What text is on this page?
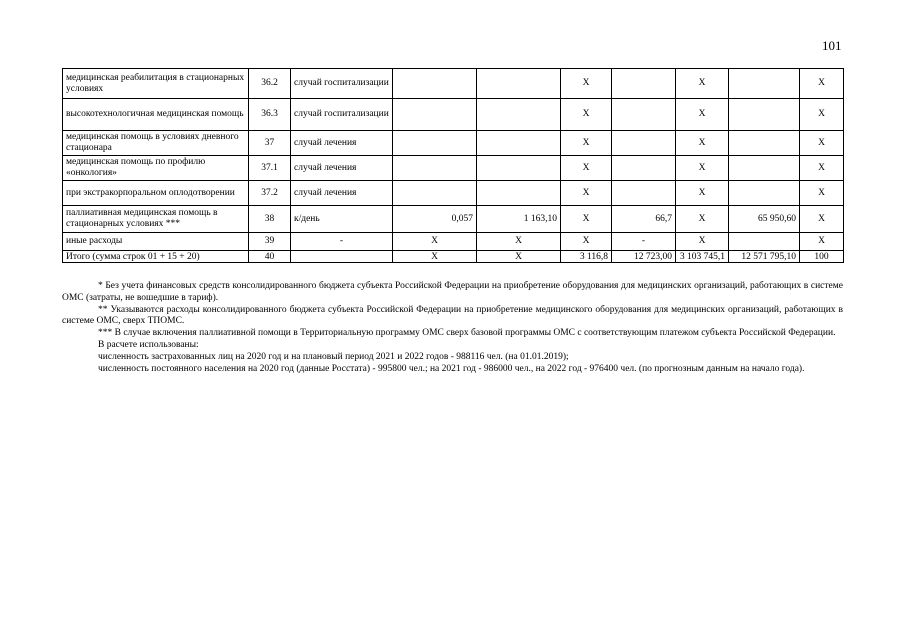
101
медицинская реабилитация в стационарных условиях	36.2	случай госпитализации			X		X		X
высокотехнологичная медицинская помощь	36.3	случай госпитализации			X		X		X
медицинская помощь в условиях дневного стационара	37	случай лечения			X		X		X
медицинская помощь по профилю «онкология»	37.1	случай лечения			X		X		X
при экстракорпоральном оплодотворении	37.2	случай лечения			X		X		X
паллиативная медицинская помощь в стационарных условиях ***	38	к/день	0,057	1 163,10	X	66,7	X	65 950,60	X
иные расходы	39	-	X	X	X	-	X		X
Итого (сумма строк 01 + 15 + 20)	40		X	X	3 116,8	12 723,00	3 103 745,1	12 571 795,10	100

* Без учета финансовых средств консолидированного бюджета субъекта Российской Федерации на приобретение оборудования для медицинских организаций, работающих в системе ОМС (затраты, не вошедшие в тариф).

** Указываются расходы консолидированного бюджета субъекта Российской Федерации на приобретение медицинского оборудования для медицинских организаций, работающих в системе ОМС, сверх ТПОМС.

*** В случае включения паллиативной помощи в Территориальную программу ОМС сверх базовой программы ОМС с соответствующим платежом субъекта Российской Федерации.

В расчете использованы:

численность застрахованных лиц на 2020 год и на плановый период 2021 и 2022 годов - 988116 чел. (на 01.01.2019);

численность постоянного населения на 2020 год (данные Росстата) - 995800 чел.; на 2021 год - 986000 чел., на 2022 год - 976400 чел. (по прогнозным данным на начало года).
